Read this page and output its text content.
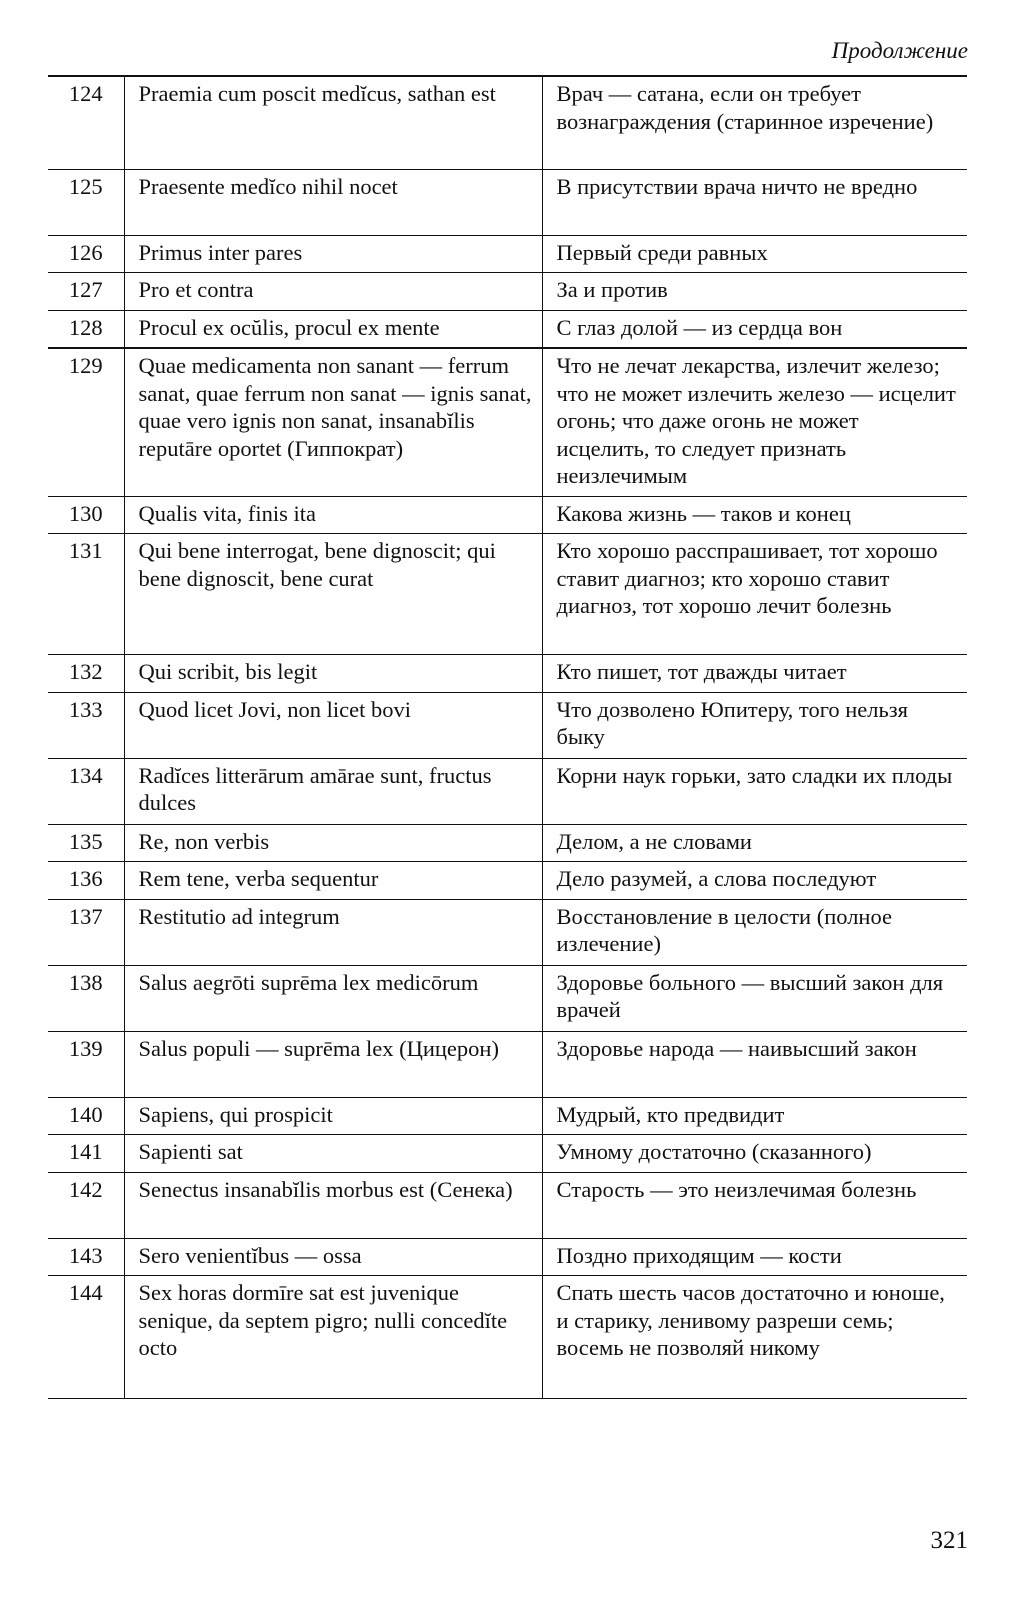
Продолжение
124	Praemia cum poscit medĭcus, sathan est	Врач — сатана, если он требует вознаграждения (старинное изречение)
125	Praesente medĭco nihil nocet	В присутствии врача ничто не вредно
126	Primus inter pares	Первый среди равных
127	Pro et contra	За и против
128	Procul ex ocŭlis, procul ex mente	С глаз долой — из сердца вон
129	Quae medicamenta non sanant — ferrum sanat, quae ferrum non sanat — ignis sanat, quae vero ignis non sanat, insanabĭlis reputāre oportet (Гиппократ)	Что не лечат лекарства, излечит железо; что не может излечить железо — исцелит огонь; что даже огонь не может исцелить, то следует признать неизлечимым
130	Qualis vita, finis ita	Какова жизнь — таков и конец
131	Qui bene interrogat, bene dignoscit; qui bene dignoscit, bene curat	Кто хорошо расспрашивает, тот хорошо ставит диагноз; кто хорошо ставит диагноз, тот хорошо лечит болезнь
132	Qui scribit, bis legit	Кто пишет, тот дважды читает
133	Quod licet Jovi, non licet bovi	Что дозволено Юпитеру, того нельзя быку
134	Radĭces litterārum amārae sunt, fructus dulces	Корни наук горьки, зато сладки их плоды
135	Re, non verbis	Делом, а не словами
136	Rem tene, verba sequentur	Дело разумей, а слова последуют
137	Restitutio ad integrum	Восстановление в целости (полное излечение)
138	Salus aegrōti suprēma lex medicōrum	Здоровье больного — высший закон для врачей
139	Salus populi — suprēma lex (Цицерон)	Здоровье народа — наивысший закон
140	Sapiens, qui prospicit	Мудрый, кто предвидит
141	Sapienti sat	Умному достаточно (сказанного)
142	Senectus insanabĭlis morbus est (Сенека)	Старость — это неизлечимая болезнь
143	Sero venientĭbus — ossa	Поздно приходящим — кости
144	Sex horas dormīre sat est juvenique senique, da septem pigro; nulli concedĭte octo	Спать шесть часов достаточно и юноше, и старику, ленивому разреши семь; восемь не позволяй никому
321
